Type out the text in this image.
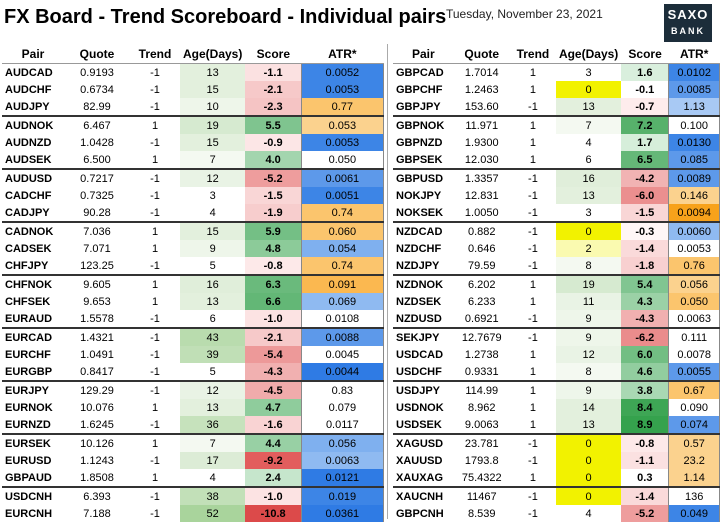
FX Board - Trend Scoreboard - Individual pairs Tuesday, November 23, 2021	SAXO
BANK
Pair	Quote	Trend	Age(Days)	Score	ATR*
AUDCAD	0.9193	-1	13	-1.1	0.0052
AUDCHF	0.6734	-1	15	-2.1	0.0053
AUDJPY	82.99	-1	10	-2.3	0.77
AUDNOK	6.467	1	19	5.5	0.053
AUDNZD	1.0428	-1	15	-0.9	0.0053
AUDSEK	6.500	1	7	4.0	0.050
AUDUSD	0.7217	-1	12	-5.2	0.0061
CADCHF	0.7325	-1	3	-1.5	0.0051
CADJPY	90.28	-1	4	-1.9	0.74
CADNOK	7.036	1	15	5.9	0.060
CADSEK	7.071	1	9	4.8	0.054
CHFJPY	123.25	-1	5	-0.8	0.74
CHFNOK	9.605	1	16	6.3	0.091
CHFSEK	9.653	1	13	6.6	0.069
EURAUD	1.5578	-1	6	-1.0	0.0108
EURCAD	1.4321	-1	43	-2.1	0.0088
EURCHF	1.0491	-1	39	-5.4	0.0045
EURGBP	0.8417	-1	5	-4.3	0.0044
EURJPY	129.29	-1	12	-4.5	0.83
EURNOK	10.076	1	13	4.7	0.079
EURNZD	1.6245	-1	36	-1.6	0.0117
EURSEK	10.126	1	7	4.4	0.056
EURUSD	1.1243	-1	17	-9.2	0.0063
GBPAUD	1.8508	1	4	2.4	0.0121
USDCNH	6.393	-1	38	-1.0	0.019
EURCNH	7.188	-1	52	-10.8	0.0361
Pair	Quote	Trend	Age(Days)	Score	ATR*
GBPCAD	1.7014	1	3	1.6	0.0102
GBPCHF	1.2463	1	0	-0.1	0.0085
GBPJPY	153.60	-1	13	-0.7	1.13
GBPNOK	11.971	1	7	7.2	0.100
GBPNZD	1.9300	1	4	1.7	0.0130
GBPSEK	12.030	1	6	6.5	0.085
GBPUSD	1.3357	-1	16	-4.2	0.0089
NOKJPY	12.831	-1	13	-6.0	0.146
NOKSEK	1.0050	-1	3	-1.5	0.0094
NZDCAD	0.882	-1	0	-0.3	0.0060
NZDCHF	0.646	-1	2	-1.4	0.0053
NZDJPY	79.59	-1	8	-1.8	0.76
NZDNOK	6.202	1	19	5.4	0.056
NZDSEK	6.233	1	11	4.3	0.050
NZDUSD	0.6921	-1	9	-4.3	0.0063
SEKJPY	12.7679	-1	9	-6.2	0.111
USDCAD	1.2738	1	12	6.0	0.0078
USDCHF	0.9331	1	8	4.6	0.0055
USDJPY	114.99	1	9	3.8	0.67
USDNOK	8.962	1	14	8.4	0.090
USDSEK	9.0063	1	13	8.9	0.074
XAGUSD	23.781	-1	0	-0.8	0.57
XAUUSD	1793.8	-1	0	-1.1	23.2
XAUXAG	75.4322	1	0	0.3	1.14
XAUCNH	11467	-1	0	-1.4	136
GBPCNH	8.539	-1	4	-5.2	0.049
